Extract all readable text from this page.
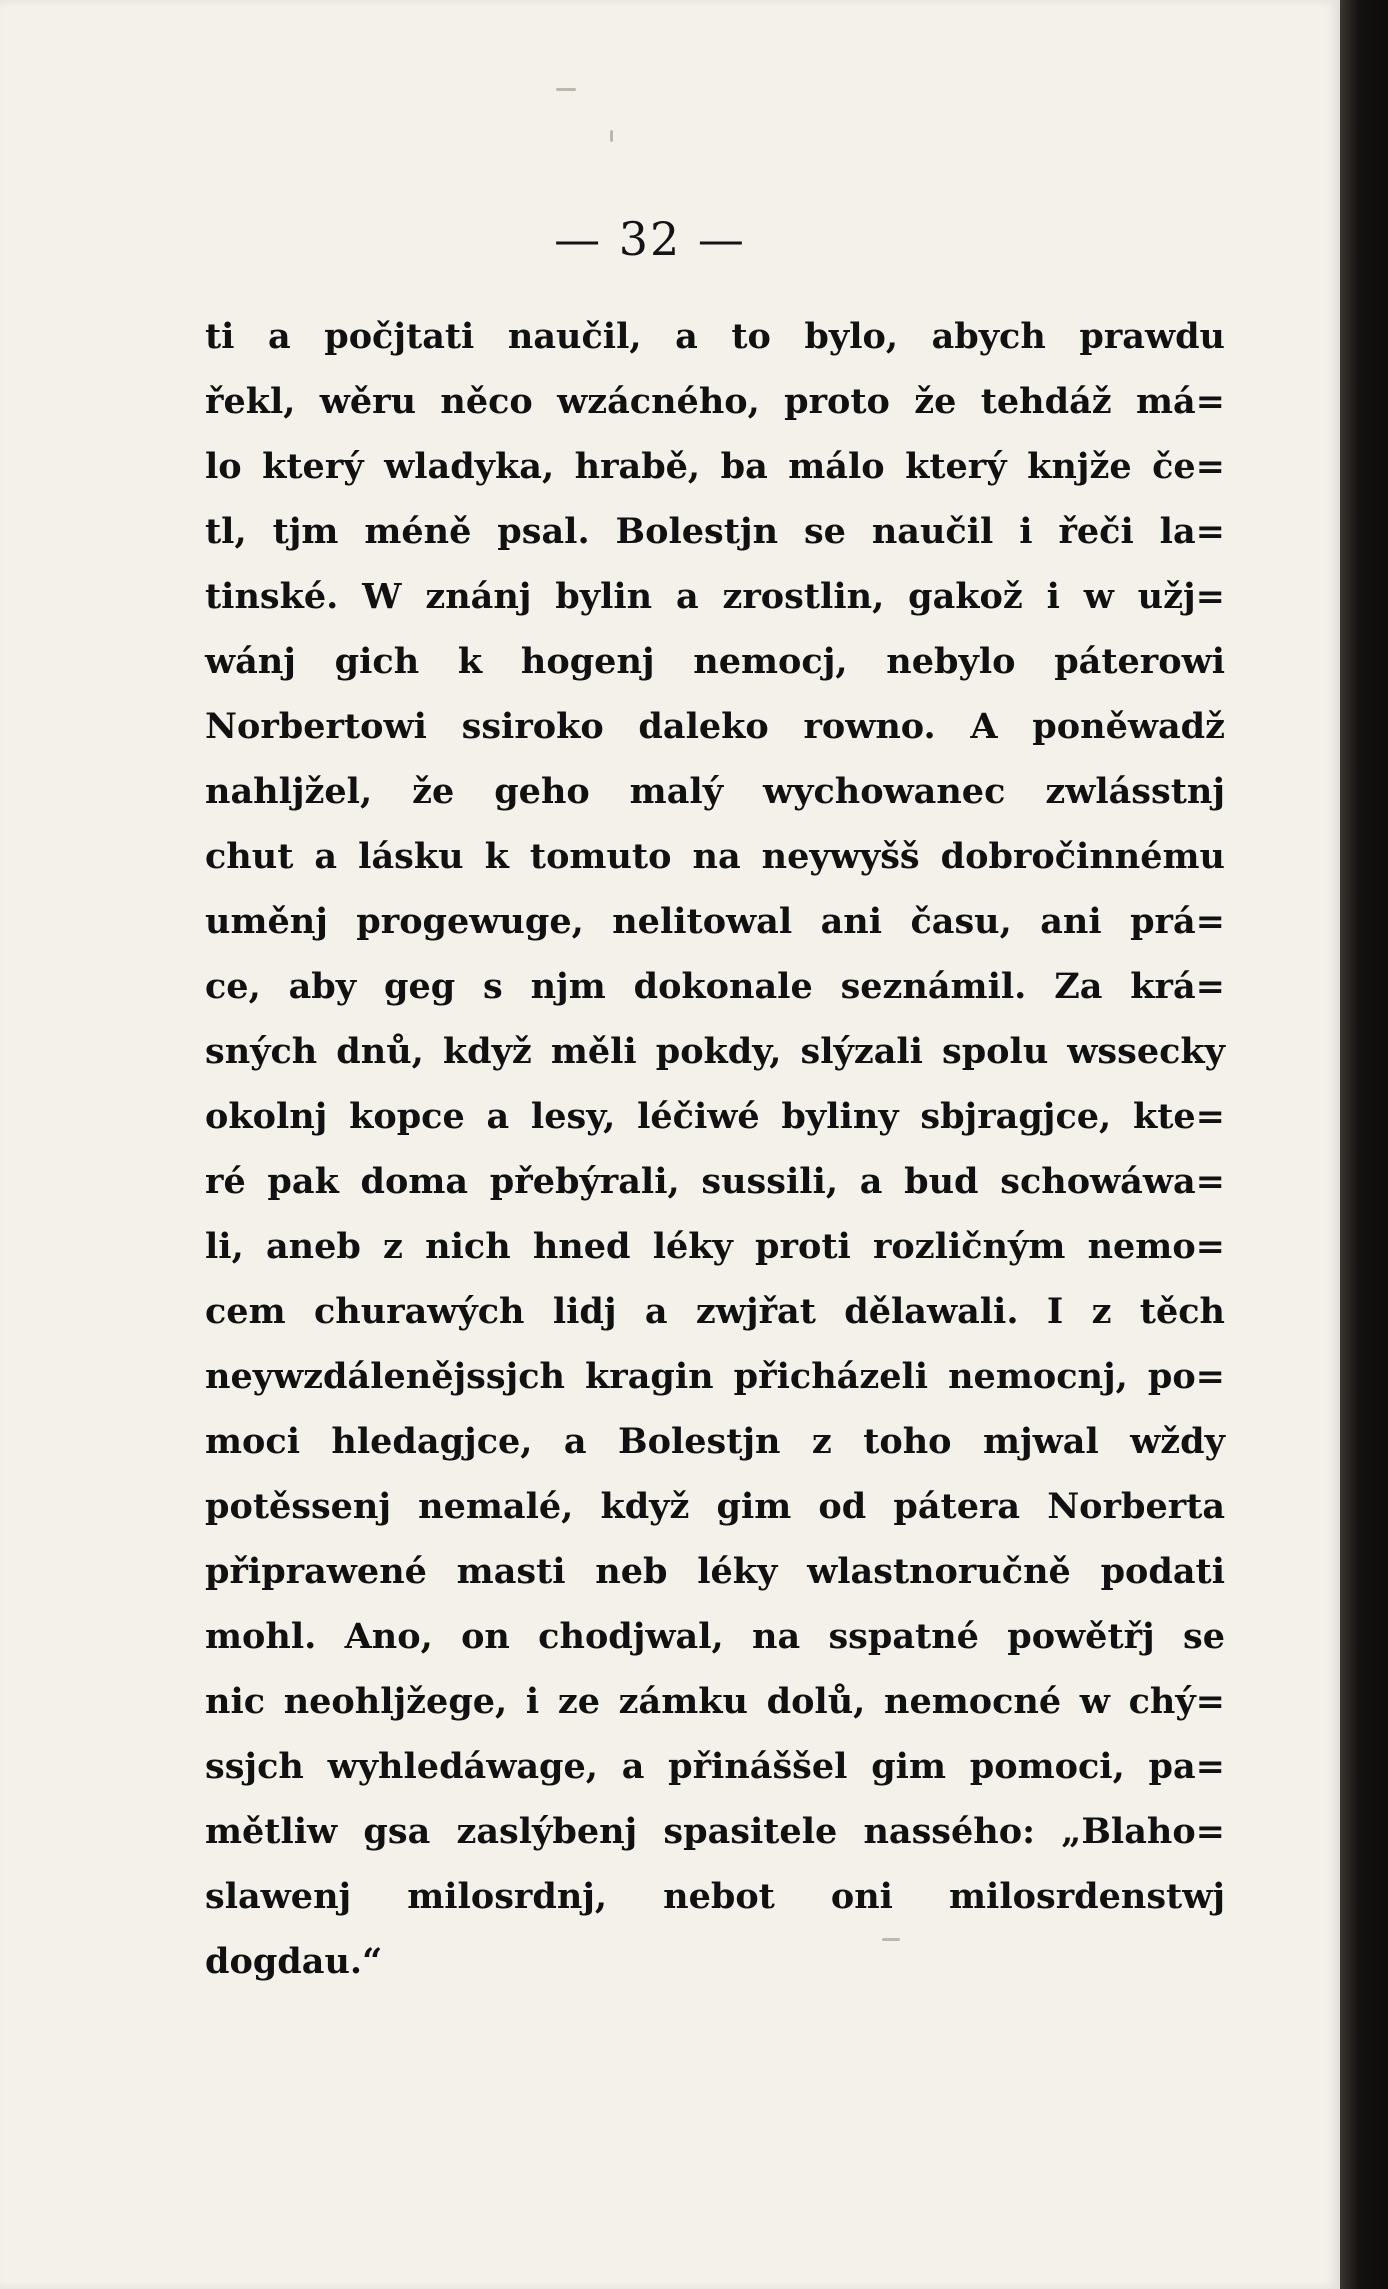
— 32 —
ti a počjtati naučil, a to bylo, abych prawdu
řekl, wěru něco wzácného, proto že tehdáž má=
lo který wladyka, hrabě, ba málo který knjže če=
tl, tjm méně psal. Bolestjn se naučil i řeči la=
tinské. W znánj bylin a zrostlin, gakož i w užj=
wánj gich k hogenj nemocj, nebylo páterowi
Norbertowi ssiroko daleko rowno. A poněwadž
nahljžel, že geho malý wychowanec zwlásstnj
chut a lásku k tomuto na neywyšš dobročinnému
uměnj progewuge, nelitowal ani času, ani prá=
ce, aby geg s njm dokonale seznámil. Za krá=
sných dnů, když měli pokdy, slýzali spolu wssecky
okolnj kopce a lesy, léčiwé byliny sbjragjce, kte=
ré pak doma přebýrali, sussili, a bud schowáwa=
li, aneb z nich hned léky proti rozličným nemo=
cem churawých lidj a zwjřat dělawali. I z těch
neywzdálenějssjch kragin přicházeli nemocnj, po=
moci hledagjce, a Bolestjn z toho mjwal wždy
potěssenj nemalé, když gim od pátera Norberta
připrawené masti neb léky wlastnoručně podati
mohl. Ano, on chodjwal, na sspatné powětřj se
nic neohljžege, i ze zámku dolů, nemocné w chý=
ssjch wyhledáwage, a přináššel gim pomoci, pa=
mětliw gsa zaslýbenj spasitele nassého: „Blaho=
slawenj milosrdnj, nebot oni milosrdenstwj
dogdau.“
